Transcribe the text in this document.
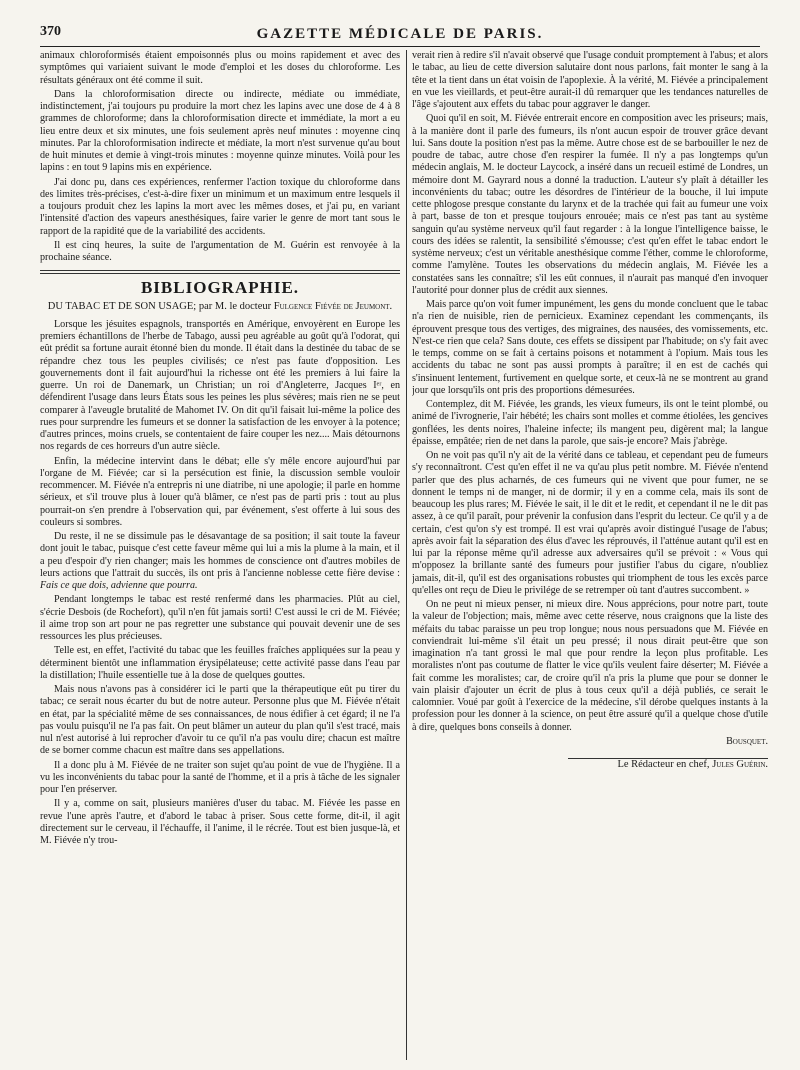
370	GAZETTE MÉDICALE DE PARIS.

animaux chloroformisés étaient empoisonnés plus ou moins rapidement et avec des symptômes qui variaient suivant le mode d'emploi et les doses du chloroforme. Les résultats généraux ont été comme il suit.

Dans la chloroformisation directe ou indirecte, médiate ou immédiate, indistinctement, j'ai toujours pu produire la mort chez les lapins avec une dose de 4 à 8 grammes de chloroforme; dans la chloroformisation directe et immédiate, la mort a eu lieu entre deux et six minutes, une fois seulement après neuf minutes : moyenne cinq minutes. Par la chloroformisation indirecte et médiate, la mort n'est survenue qu'au bout de huit minutes et demie à vingt-trois minutes : moyenne quinze minutes. Voilà pour les lapins : en tout 9 lapins mis en expérience.

J'ai donc pu, dans ces expériences, renfermer l'action toxique du chloroforme dans des limites très-précises, c'est-à-dire fixer un minimum et un maximum entre lesquels il a toujours produit chez les lapins la mort avec les mêmes doses, et j'ai pu, en variant l'intensité d'action des vapeurs anesthésiques, faire varier le genre de mort tant sous le rapport de la rapidité que de la variabilité des accidents.

Il est cinq heures, la suite de l'argumentation de M. Guérin est renvoyée à la prochaine séance.

BIBLIOGRAPHIE.
DU TABAC ET DE SON USAGE; par M. le docteur Fulgence Fiévée de Jeumont.

Lorsque les jésuites espagnols, transportés en Amérique, envoyèrent en Europe les premiers échantillons de l'herbe de Tabago, aussi peu agréable au goût qu'à l'odorat, qui eût prédit sa fortune aurait étonné bien du monde. Il était dans la destinée du tabac de se répandre chez tous les peuples civilisés; ce n'est pas faute d'opposition. Les gouvernements dont il fait aujourd'hui la richesse ont été les premiers à lui faire la guerre. Un roi de Danemark, un Christian; un roi d'Angleterre, Jacques Iᵉʳ, en défendirent l'usage dans leurs États sous les peines les plus sévères; mais rien ne se peut comparer à l'aveugle brutalité de Mahomet IV. On dit qu'il faisait lui-même la police des rues pour surprendre les fumeurs et se donner la satisfaction de les envoyer à la potence; d'autres princes, moins cruels, se contentaient de faire couper les nez.... Mais détournons nos regards de ces horreurs d'un autre siècle.

Enfin, la médecine intervint dans le débat; elle s'y mêle encore aujourd'hui par l'organe de M. Fiévée; car si la persécution est finie, la discussion semble vouloir recommencer. M. Fiévée n'a entrepris ni une diatribe, ni une apologie; il parle en homme sérieux, et s'il trouve plus à louer qu'à blâmer, ce n'est pas de parti pris : tout au plus pourrait-on s'en prendre à l'observation qui, par événement, s'est offerte à lui sous des couleurs si sombres.

Du reste, il ne se dissimule pas le désavantage de sa position; il sait toute la faveur dont jouit le tabac, puisque c'est cette faveur même qui lui a mis la plume à la main, et il a peu d'espoir d'y rien changer; mais les hommes de conscience ont d'autres mobiles de leurs actions que l'attrait du succès, ils ont pris à l'ancienne noblesse cette fière devise : Fais ce que dois, advienne que pourra.

Pendant longtemps le tabac est resté renfermé dans les pharmacies. Plût au ciel, s'écrie Desbois (de Rochefort), qu'il n'en fût jamais sorti! C'est aussi le cri de M. Fiévée; il aime trop son art pour ne pas regretter une substance qui pouvait devenir une de ses ressources les plus précieuses.

Telle est, en effet, l'activité du tabac que les feuilles fraîches appliquées sur la peau y déterminent bientôt une inflammation érysipélateuse; cette activité passe dans l'eau par la distillation; l'huile essentielle tue à la dose de quelques gouttes.

Mais nous n'avons pas à considérer ici le parti que la thérapeutique eût pu tirer du tabac; ce serait nous écarter du but de notre auteur. Personne plus que M. Fiévée n'était en état, par la spécialité même de ses connaissances, de nous édifier à cet égard; il ne l'a pas voulu puisqu'il ne l'a pas fait. On peut blâmer un auteur du plan qu'il s'est tracé, mais nul n'est autorisé à lui reprocher d'avoir tu ce qu'il n'a pas voulu dire; chacun est maître de se borner comme chacun est maître dans ses appellations.

Il a donc plu à M. Fiévée de ne traiter son sujet qu'au point de vue de l'hygiène. Il a vu les inconvénients du tabac pour la santé de l'homme, et il a pris à tâche de les signaler pour l'en préserver.

Il y a, comme on sait, plusieurs manières d'user du tabac. M. Fiévée les passe en revue l'une après l'autre, et d'abord le tabac à priser. Sous cette forme, dit-il, il agit directement sur le cerveau, il l'échauffe, il l'anime, il le récrée. Tout est bien jusque-là, et M. Fiévée n'y trou-

verait rien à redire s'il n'avait observé que l'usage conduit promptement à l'abus; et alors le tabac, au lieu de cette diversion salutaire dont nous parlons, fait monter le sang à la tête et la tient dans un état voisin de l'apoplexie. À la vérité, M. Fiévée a principalement en vue les vieillards, et peut-être aurait-il dû remarquer que les tendances naturelles de l'âge s'ajoutent aux effets du tabac pour aggraver le danger.

Quoi qu'il en soit, M. Fiévée entrerait encore en composition avec les priseurs; mais, à la manière dont il parle des fumeurs, ils n'ont aucun espoir de trouver grâce devant lui. Sans doute la position n'est pas la même. Autre chose est de se barbouiller le nez de poudre de tabac, autre chose d'en respirer la fumée. Il n'y a pas longtemps qu'un médecin anglais, M. le docteur Laycock, a inséré dans un recueil estimé de Londres, un mémoire dont M. Gayrard nous a donné la traduction. L'auteur s'y plaît à détailler les inconvénients du tabac; outre les désordres de l'intérieur de la bouche, il lui impute cette phlogose presque constante du larynx et de la trachée qui fait au fumeur une voix à part, basse de ton et presque toujours enrouée; mais ce n'est pas tant au système sanguin qu'au système nerveux qu'il faut regarder : à la longue l'intelligence baisse, le cours des idées se ralentit, la sensibilité s'émousse; c'est qu'en effet le tabac endort le système nerveux; c'est un véritable anesthésique comme l'éther, comme le chloroforme, comme l'amylène. Toutes les observations du médecin anglais, M. Fiévée les a constatées sans les connaître; s'il les eût connues, il n'aurait pas manqué d'en invoquer l'autorité pour donner plus de crédit aux siennes.

Mais parce qu'on voit fumer impunément, les gens du monde concluent que le tabac n'a rien de nuisible, rien de pernicieux. Examinez cependant les commençants, ils éprouvent presque tous des vertiges, des migraines, des nausées, des vomissements, etc. N'est-ce rien que cela? Sans doute, ces effets se dissipent par l'habitude; on s'y fait avec le temps, comme on se fait à certains poisons et notamment à l'opium. Mais tous les accidents du tabac ne sont pas aussi prompts à paraître; il en est de cachés qui s'insinuent lentement, furtivement en quelque sorte, et ceux-là ne se montrent au grand jour que lorsqu'ils ont pris des proportions démesurées.

Contemplez, dit M. Fiévée, les grands, les vieux fumeurs, ils ont le teint plombé, ou animé de l'ivrognerie, l'air hébété; les chairs sont molles et comme étiolées, les gencives gonflées, les dents noires, l'haleine infecte; ils mangent peu, digèrent mal; la langue épaisse, empâtée; rien de net dans la parole, que sais-je encore? Mais j'abrège.

On ne voit pas qu'il n'y ait de la vérité dans ce tableau, et cependant peu de fumeurs s'y reconnaîtront. C'est qu'en effet il ne va qu'au plus petit nombre. M. Fiévée n'entend parler que des plus acharnés, de ces fumeurs qui ne vivent que pour fumer, ne se donnent le temps ni de manger, ni de dormir; il y en a comme cela, mais ils sont de beaucoup les plus rares; M. Fiévée le sait, il le dit et le redit, et cependant il ne le dit pas assez, à ce qu'il paraît, pour prévenir la confusion dans l'esprit du lecteur. Ce qu'il y a de certain, c'est qu'on s'y est trompé. Il est vrai qu'après avoir distingué l'usage de l'abus; après avoir fait la séparation des élus d'avec les réprouvés, il l'atténue autant qu'il est en lui par la réponse même qu'il adresse aux adversaires qu'il se prévoit : « Vous qui m'opposez la brillante santé des fumeurs pour justifier l'abus du cigare, n'oubliez jamais, dit-il, qu'il est des organisations robustes qui triomphent de tous les excès parce qu'elles ont reçu de Dieu le privilége de se retremper où tant d'autres succombent. »

On ne peut ni mieux penser, ni mieux dire. Nous apprécions, pour notre part, toute la valeur de l'objection; mais, même avec cette réserve, nous craignons que la liste des méfaits du tabac paraisse un peu trop longue; nous nous persuadons que M. Fiévée en conviendrait lui-même s'il était un peu pressé; il nous dirait peut-être que son imagination n'a tant grossi le mal que pour rendre la leçon plus profitable. Les moralistes n'ont pas coutume de flatter le vice qu'ils veulent faire déserter; M. Fiévée a fait comme les moralistes; car, de croire qu'il n'a pris la plume que pour se donner le vain plaisir d'ajouter un écrit de plus à tous ceux qu'il a déjà publiés, ce serait le calomnier. Voué par goût à l'exercice de la médecine, s'il dérobe quelques instants à la profession pour les donner à la science, on peut être assuré qu'il a quelque chose d'utile à dire, quelques bons conseils à donner.

Bousquet.

Le Rédacteur en chef, Jules Guérin.
